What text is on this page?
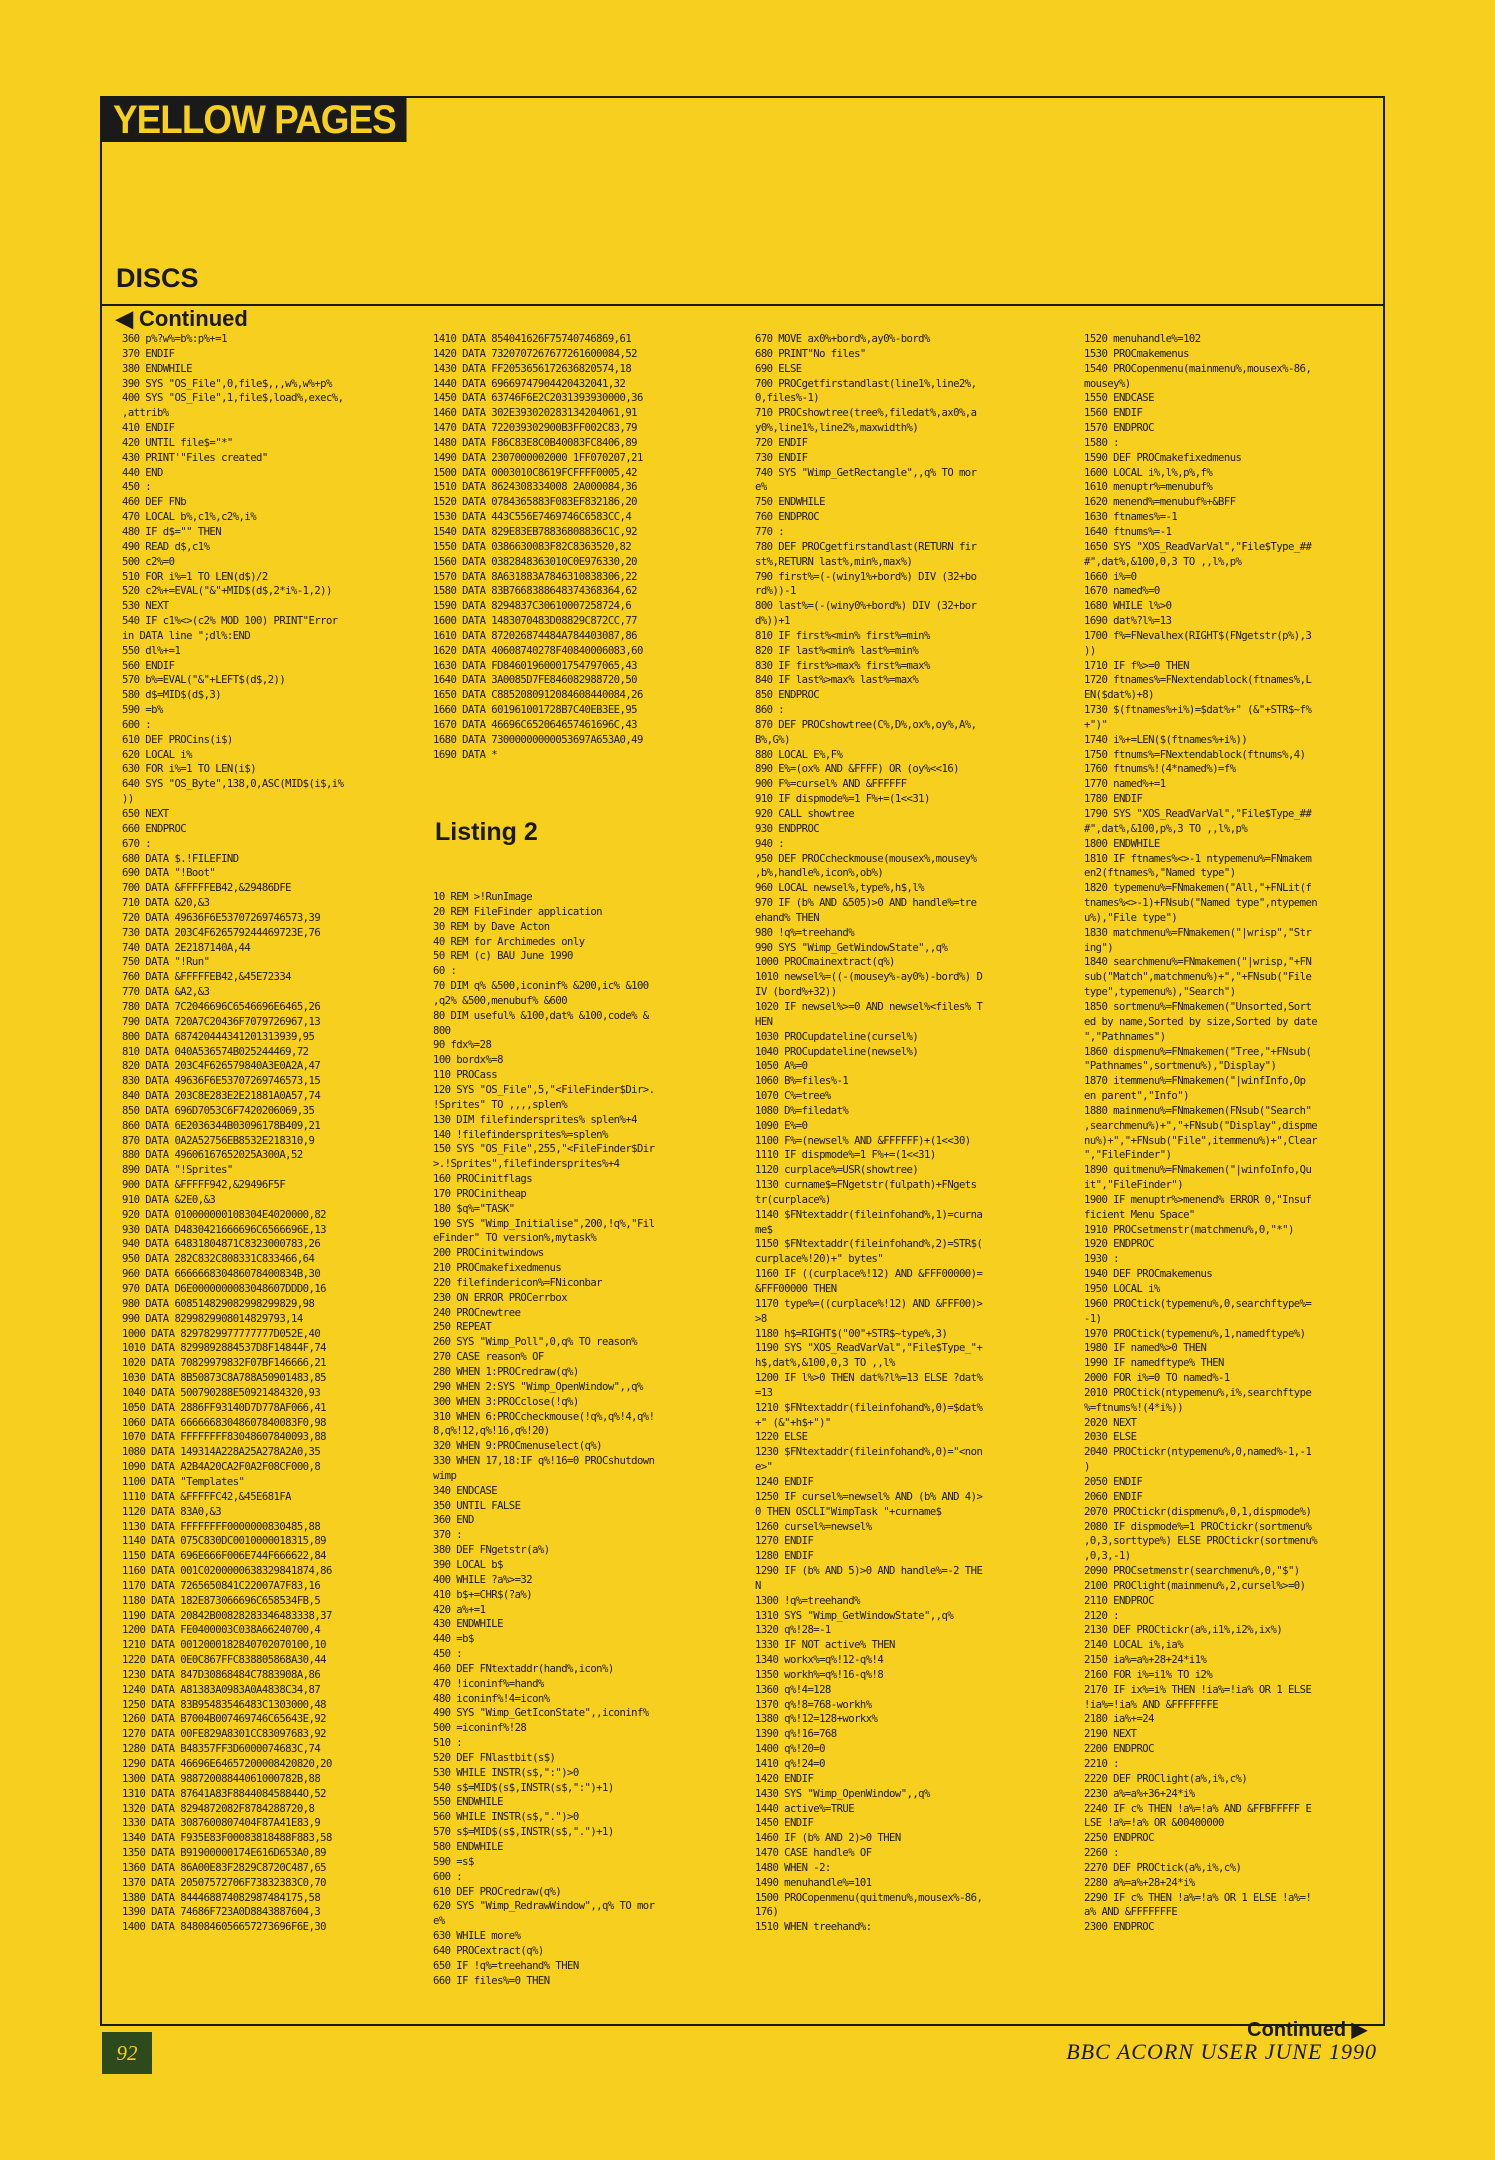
YELLOW PAGES
DISCS
◀ Continued
360 p%?w%=b%:p%+=1
370 ENDIF
380 ENDWHILE
390 SYS "OS_File",0,file$,,,w%,w%+p%
400 SYS "OS_File",1,file$,load%,exec%,
,attrib%
410 ENDIF
420 UNTIL file$="*"
430 PRINT'"Files created"
440 END
450 :
460 DEF FNb
470 LOCAL b%,c1%,c2%,i%
480 IF d$="" THEN
490 READ d$,c1%
500 c2%=0
510 FOR i%=1 TO LEN(d$)/2
520 c2%+=EVAL("&"+MID$(d$,2*i%-1,2))
530 NEXT
540 IF c1%<>(c2% MOD 100) PRINT"Error
in DATA line ";dl%:END
550 dl%+=1
560 ENDIF
570 b%=EVAL("&"+LEFT$(d$,2))
580 d$=MID$(d$,3)
590 =b%
600 :
610 DEF PROCins(i$)
620 LOCAL i%
630 FOR i%=1 TO LEN(i$)
640 SYS "OS_Byte",138,0,ASC(MID$(i$,i%
))
650 NEXT
660 ENDPROC
670 :
680 DATA $.!FILEFIND
690 DATA "!Boot"
700 DATA &FFFFFEB42,&29486DFE
710 DATA &20,&3
720 DATA 49636F6E53707269746573,39
730 DATA 203C4F626579244469723E,76
740 DATA 2E2187140A,44
750 DATA "!Run"
760 DATA &FFFFFEB42,&45E72334
770 DATA &A2,&3
780 DATA 7C2046696C6546696E6465,26
790 DATA 720A7C20436F7079726967,13
800 DATA 687420444341201313939,95
810 DATA 040A536574B025244469,72
820 DATA 203C4F626579840A3E0A2A,47
830 DATA 49636F6E53707269746573,15
840 DATA 203C8E283E2E21881A0A57,74
850 DATA 696D7053C6F7420206069,35
860 DATA 6E2036344B03096178B409,21
870 DATA 0A2A52756EB8532E218310,9
880 DATA 49606167652025A300A,52
890 DATA "!Sprites"
900 DATA &FFFFF942,&29496F5F
910 DATA &2E0,&3
920 DATA 010000000108304E4020000,82
930 DATA D4830421666696C6566696E,13
940 DATA 64831804871C8323000783,26
950 DATA 282C832C808331C833466,64
960 DATA 666666830486078400834B,30
970 DATA D6E0000000083048607DDD0,16
980 DATA 608514829082998299829,98
990 DATA 8299829908014829793,14
1000 DATA 8297829977777777D052E,40
1010 DATA 8299892884537D8F14844F,74
1020 DATA 70829979832F07BF146666,21
1030 DATA 8B50873C8A788A50901483,85
1040 DATA 500790288E50921484320,93
1050 DATA 2886FF93140D7D778AF066,41
1060 DATA 66666683048607840083F0,98
1070 DATA FFFFFFFF83048607840093,88
1080 DATA 149314A228A25A278A2A0,35
1090 DATA A2B4A20CA2F0A2F08CF000,8
1100 DATA "Templates"
1110 DATA &FFFFFC42,&45E681FA
1120 DATA 83A0,&3
1130 DATA FFFFFFFF0000000830485,88
1140 DATA 075C830DC0010000018315,89
1150 DATA 696E666F006E744F666622,84
1160 DATA 001C0200000638329841874,86
1170 DATA 7265650841C22007A7F83,16
1180 DATA 182E873066696C658534FB,5
1190 DATA 20842B00828283346483338,37
1200 DATA FE0400003C038A66240700,4
1210 DATA 0012000182840702070100,10
1220 DATA 0E0C867FFC838805868A30,44
1230 DATA 847D30868484C7883908A,86
1240 DATA A81383A0983A0A4838C34,87
1250 DATA 83B95483546483C1303000,48
1260 DATA B7004B007469746C65643E,92
1270 DATA 00FE829A8301CC83097683,92
1280 DATA B48357FF3D6000074683C,74
1290 DATA 46696E64657200008420820,20
1300 DATA 98872008844061000782B,88
1310 DATA 87641A83F884408458844O,52
1320 DATA 8294872082F8784288720,8
1330 DATA 3087600807404F87A41E83,9
1340 DATA F935E83F00083818488F883,58
1350 DATA B91900000174E616D653A0,89
1360 DATA 86A00E83F2829C8720C487,65
1370 DATA 20507572706F73832383C0,70
1380 DATA 844468874082987484175,58
1390 DATA 74686F723A0D8843887604,3
1400 DATA 8480846056657273696F6E,30
1410 DATA 854041626F75740746869,61
1420 DATA 7320707267677261600084,52
1430 DATA FF2053656172636820574,18
1440 DATA 69669747904420432041,32
1450 DATA 63746F6E2C2031393930000,36
1460 DATA 302E393020283134204061,91
1470 DATA 722039302900B3FF002C83,79
1480 DATA F86C83E8C0B40083FC8406,89
1490 DATA 2307000002000 1FF070207,21
1500 DATA 0003010C8619FCFFFF0005,42
1510 DATA 8624308334008 2A000084,36
1520 DATA 0784365883F083EF832186,20
1530 DATA 443C556E7469746C6583CC,4
1540 DATA 829E83EB78836808836C1C,92
1550 DATA 0386630083F82C8363520,82
1560 DATA 0382848363010C0E976330,20
1570 DATA 8A631883A7846310838306,22
1580 DATA 83B7668388648374368364,62
1590 DATA 8294837C30610007258724,6
1600 DATA 1483070483D08829C872CC,77
1610 DATA 872026874484A784403087,86
1620 DATA 40608740278F40840006083,60
1630 DATA FD84601960001754797065,43
1640 DATA 3A0085D7FE846082988720,50
1650 DATA C8852080912084608440084,26
1660 DATA 601961001728B7C40EB3EE,95
1670 DATA 46696C652064657461696C,43
1680 DATA 73000000000053697A653A0,49
1690 DATA *
Listing 2
10 REM >!RunImage
20 REM FileFinder application
30 REM by Dave Acton
40 REM for Archimedes only
50 REM (c) BAU June 1990
60 :
70 DIM q% &500,iconinf% &200,ic% &100
,q2% &500,menubuf% &600
80 DIM useful% &100,dat% &100,code% &
800
90 fdx%=28
100 bordx%=8
110 PROCass
120 SYS "OS_File",5,"<FileFinder$Dir>.
!Sprites" TO ,,,,splen%
130 DIM filefindersprites% splen%+4
140 !filefindersprites%=splen%
150 SYS "OS_File",255,"<FileFinder$Dir
>.!Sprites",filefindersprites%+4
160 PROCinitflags
170 PROCinitheap
180 $q%="TASK"
190 SYS "Wimp_Initialise",200,!q%,"Fil
eFinder" TO version%,mytask%
200 PROCinitwindows
210 PROCmakefixedmenus
220 filefindericon%=FNiconbar
230 ON ERROR PROCerrbox
240 PROCnewtree
250 REPEAT
260 SYS "Wimp_Poll",0,q% TO reason%
270 CASE reason% OF
280 WHEN 1:PROCredraw(q%)
290 WHEN 2:SYS "Wimp_OpenWindow",,q%
300 WHEN 3:PROCclose(!q%)
310 WHEN 6:PROCcheckmouse(!q%,q%!4,q%!
8,q%!12,q%!16,q%!20)
320 WHEN 9:PROCmenuselect(q%)
330 WHEN 17,18:IF q%!16=0 PROCshutdown
wimp
340 ENDCASE
350 UNTIL FALSE
360 END
370 :
380 DEF FNgetstr(a%)
390 LOCAL b$
400 WHILE ?a%>=32
410 b$+=CHR$(?a%)
420 a%+=1
430 ENDWHILE
440 =b$
450 :
460 DEF FNtextaddr(hand%,icon%)
470 !iconinf%=hand%
480 iconinf%!4=icon%
490 SYS "Wimp_GetIconState",,iconinf%
500 =iconinf%!28
510 :
520 DEF FNlastbit(s$)
530 WHILE INSTR(s$,":")>0
540 s$=MID$(s$,INSTR(s$,":")+1)
550 ENDWHILE
560 WHILE INSTR(s$,".")>0
570 s$=MID$(s$,INSTR(s$,".")+1)
580 ENDWHILE
590 =s$
600 :
610 DEF PROCredraw(q%)
620 SYS "Wimp_RedrawWindow",,q% TO mor
e%
630 WHILE more%
640 PROCextract(q%)
650 IF !q%=treehand% THEN
660 IF files%=0 THEN
670 MOVE ax0%+bord%,ay0%-bord%
680 PRINT"No files"
690 ELSE
700 PROCgetfirstandlast(line1%,line2%,
0,files%-1)
710 PROCshowtree(tree%,filedat%,ax0%,a
y0%,line1%,line2%,maxwidth%)
720 ENDIF
730 ENDIF
740 SYS "Wimp_GetRectangle",,q% TO mor
e%
750 ENDWHILE
760 ENDPROC
770 :
780 DEF PROCgetfirstandlast(RETURN fir
st%,RETURN last%,min%,max%)
790 first%=(-(winy1%+bord%) DIV (32+bo
rd%))-1
800 last%=(-(winy0%+bord%) DIV (32+bor
d%))+1
810 IF first%<min% first%=min%
820 IF last%<min% last%=min%
830 IF first%>max% first%=max%
840 IF last%>max% last%=max%
850 ENDPROC
860 :
870 DEF PROCshowtree(C%,D%,ox%,oy%,A%,
B%,G%)
880 LOCAL E%,F%
890 E%=(ox% AND &FFFF) OR (oy%<<16)
900 F%=cursel% AND &FFFFFF
910 IF dispmode%=1 F%+=(1<<31)
920 CALL showtree
930 ENDPROC
940 :
950 DEF PROCcheckmouse(mousex%,mousey%
,b%,handle%,icon%,ob%)
960 LOCAL newsel%,type%,h$,l%
970 IF (b% AND &505)>0 AND handle%=tre
ehand% THEN
980 !q%=treehand%
990 SYS "Wimp_GetWindowState",,q%
1000 PROCmainextract(q%)
1010 newsel%=((-(mousey%-ay0%)-bord%) D
IV (bord%+32))
1020 IF newsel%>=0 AND newsel%<files% T
HEN
1030 PROCupdateline(cursel%)
1040 PROCupdateline(newsel%)
1050 A%=0
1060 B%=files%-1
1070 C%=tree%
1080 D%=filedat%
1090 E%=0
1100 F%=(newsel% AND &FFFFFF)+(1<<30)
1110 IF dispmode%=1 F%+=(1<<31)
1120 curplace%=USR(showtree)
1130 curname$=FNgetstr(fulpath)+FNgets
tr(curplace%)
1140 $FNtextaddr(fileinfohand%,1)=curna
me$
1150 $FNtextaddr(fileinfohand%,2)=STR$(
curplace%!20)+" bytes"
1160 IF ((curplace%!12) AND &FFF00000)=
&FFF00000 THEN
1170 type%=((curplace%!12) AND &FFF00)>
>8
1180 h$=RIGHT$("00"+STR$~type%,3)
1190 SYS "XOS_ReadVarVal","File$Type_"+
h$,dat%,&100,0,3 TO ,,l%
1200 IF l%>0 THEN dat%?l%=13 ELSE ?dat%
=13
1210 $FNtextaddr(fileinfohand%,0)=$dat%
+" (&"+h$+")"
1220 ELSE
1230 $FNtextaddr(fileinfohand%,0)="<non
e>"
1240 ENDIF
1250 IF cursel%=newsel% AND (b% AND 4)>
0 THEN OSCLI"WimpTask "+curname$
1260 cursel%=newsel%
1270 ENDIF
1280 ENDIF
1290 IF (b% AND 5)>0 AND handle%=-2 THE
N
1300 !q%=treehand%
1310 SYS "Wimp_GetWindowState",,q%
1320 q%!28=-1
1330 IF NOT active% THEN
1340 workx%=q%!12-q%!4
1350 workh%=q%!16-q%!8
1360 q%!4=128
1370 q%!8=768-workh%
1380 q%!12=128+workx%
1390 q%!16=768
1400 q%!20=0
1410 q%!24=0
1420 ENDIF
1430 SYS "Wimp_OpenWindow",,q%
1440 active%=TRUE
1450 ENDIF
1460 IF (b% AND 2)>0 THEN
1470 CASE handle% OF
1480 WHEN -2:
1490 menuhandle%=101
1500 PROCopenmenu(quitmenu%,mousex%-86,
176)
1510 WHEN treehand%:
1520 menuhandle%=102
1530 PROCmakemenus
1540 PROCopenmenu(mainmenu%,mousex%-86,
mousey%)
1550 ENDCASE
1560 ENDIF
1570 ENDPROC
1580 :
1590 DEF PROCmakefixedmenus
1600 LOCAL i%,l%,p%,f%
1610 menuptr%=menubuf%
1620 menend%=menubuf%+&BFF
1630 ftnames%=-1
1640 ftnums%=-1
1650 SYS "XOS_ReadVarVal","File$Type_##
#",dat%,&100,0,3 TO ,,l%,p%
1660 i%=0
1670 named%=0
1680 WHILE l%>0
1690 dat%?l%=13
1700 f%=FNevalhex(RIGHT$(FNgetstr(p%),3
))
1710 IF f%>=0 THEN
1720 ftnames%=FNextendablock(ftnames%,L
EN($dat%)+8)
1730 $(ftnames%+i%)=$dat%+" (&"+STR$~f%
+")"
1740 i%+=LEN($(ftnames%+i%))
1750 ftnums%=FNextendablock(ftnums%,4)
1760 ftnums%!(4*named%)=f%
1770 named%+=1
1780 ENDIF
1790 SYS "XOS_ReadVarVal","File$Type_##
#",dat%,&100,p%,3 TO ,,l%,p%
1800 ENDWHILE
1810 IF ftnames%<>-1 ntypemenu%=FNmakem
en2(ftnames%,"Named type")
1820 typemenu%=FNmakemen("All,"+FNLit(f
tnames%<>-1)+FNsub("Named type",ntypemen
u%),"File type")
1830 matchmenu%=FNmakemen("|wrisp","Str
ing")
1840 searchmenu%=FNmakemen("|wrisp,"+FN
sub("Match",matchmenu%)+","+FNsub("File
type",typemenu%),"Search")
1850 sortmenu%=FNmakemen("Unsorted,Sort
ed by name,Sorted by size,Sorted by date
","Pathnames")
1860 dispmenu%=FNmakemen("Tree,"+FNsub(
"Pathnames",sortmenu%),"Display")
1870 itemmenu%=FNmakemen("|winfInfo,Op
en parent","Info")
1880 mainmenu%=FNmakemen(FNsub("Search"
,searchmenu%)+","+FNsub("Display",dispme
nu%)+","+FNsub("File",itemmenu%)+",Clear
","FileFinder")
1890 quitmenu%=FNmakemen("|winfoInfo,Qu
it","FileFinder")
1900 IF menuptr%>menend% ERROR 0,"Insuf
ficient Menu Space"
1910 PROCsetmenstr(matchmenu%,0,"*")
1920 ENDPROC
1930 :
1940 DEF PROCmakemenus
1950 LOCAL i%
1960 PROCtick(typemenu%,0,searchftype%=
-1)
1970 PROCtick(typemenu%,1,namedftype%)
1980 IF named%>0 THEN
1990 IF namedftype% THEN
2000 FOR i%=0 TO named%-1
2010 PROCtick(ntypemenu%,i%,searchftype
%=ftnums%!(4*i%))
2020 NEXT
2030 ELSE
2040 PROCtickr(ntypemenu%,0,named%-1,-1
)
2050 ENDIF
2060 ENDIF
2070 PROCtickr(dispmenu%,0,1,dispmode%)
2080 IF dispmode%=1 PROCtickr(sortmenu%
,0,3,sorttype%) ELSE PROCtickr(sortmenu%
,0,3,-1)
2090 PROCsetmenstr(searchmenu%,0,"$")
2100 PROClight(mainmenu%,2,cursel%>=0)
2110 ENDPROC
2120 :
2130 DEF PROCtickr(a%,i1%,i2%,ix%)
2140 LOCAL i%,ia%
2150 ia%=a%+28+24*i1%
2160 FOR i%=i1% TO i2%
2170 IF ix%=i% THEN !ia%=!ia% OR 1 ELSE
!ia%=!ia% AND &FFFFFFFE
2180 ia%+=24
2190 NEXT
2200 ENDPROC
2210 :
2220 DEF PROClight(a%,i%,c%)
2230 a%=a%+36+24*i%
2240 IF c% THEN !a%=!a% AND &FFBFFFFF E
LSE !a%=!a% OR &00400000
2250 ENDPROC
2260 :
2270 DEF PROCtick(a%,i%,c%)
2280 a%=a%+28+24*i%
2290 IF c% THEN !a%=!a% OR 1 ELSE !a%=!
a% AND &FFFFFFFE
2300 ENDPROC
Continued ▶
92	BBC ACORN USER JUNE 1990
